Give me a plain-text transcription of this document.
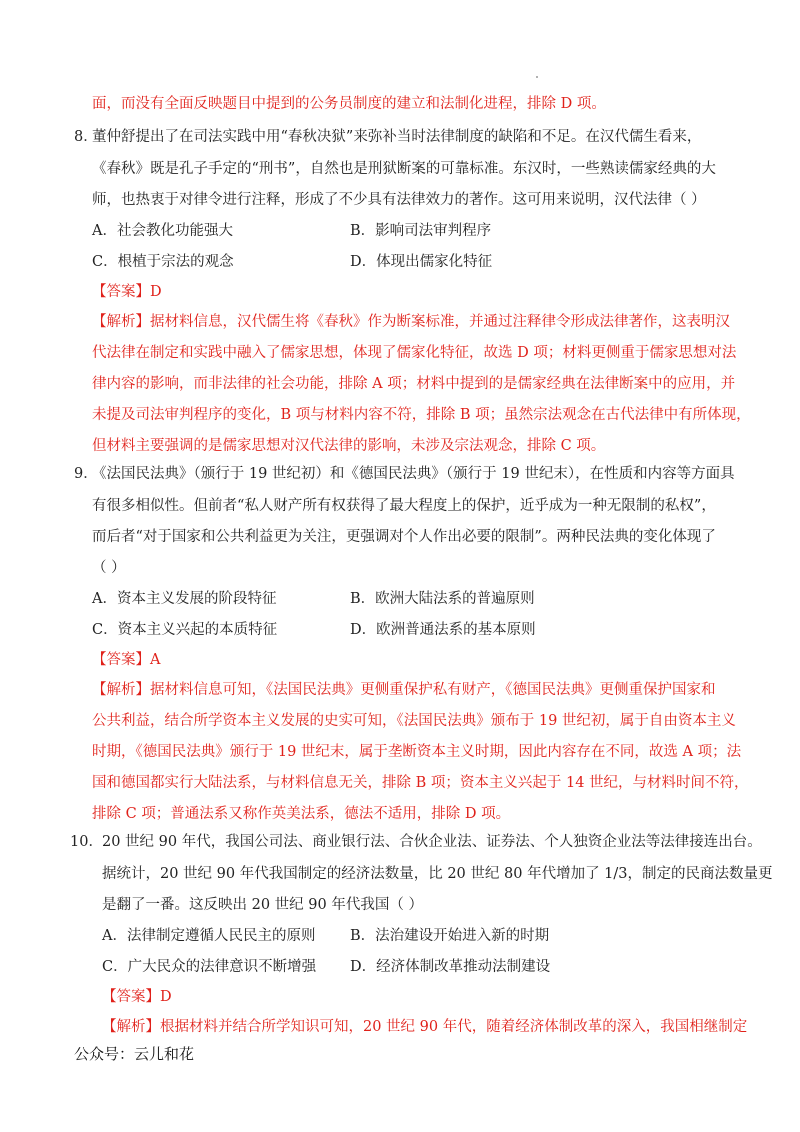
面，而没有全面反映题目中提到的公务员制度的建立和法制化进程，排除 D 项。
8．
董仲舒提出了在司法实践中用“春秋决狱”来弥补当时法律制度的缺陷和不足。在汉代儒生看来，
《春秋》既是孔子手定的“刑书”，自然也是刑狱断案的可靠标准。东汉时，一些熟读儒家经典的大
师，也热衷于对律令进行注释，形成了不少具有法律效力的著作。这可用来说明，汉代法律（ ）
A．社会教化功能强大	B．影响司法审判程序
C．根植于宗法的观念	D．体现出儒家化特征
【答案】D
【解析】据材料信息，汉代儒生将《春秋》作为断案标准，并通过注释律令形成法律著作，这表明汉
代法律在制定和实践中融入了儒家思想，体现了儒家化特征，故选 D 项；材料更侧重于儒家思想对法
律内容的影响，而非法律的社会功能，排除 A 项；材料中提到的是儒家经典在法律断案中的应用，并
未提及司法审判程序的变化，B 项与材料内容不符，排除 B 项；虽然宗法观念在古代法律中有所体现，
但材料主要强调的是儒家思想对汉代法律的影响，未涉及宗法观念，排除 C 项。
9．
《法国民法典》（颁行于 19 世纪初）和《德国民法典》（颁行于 19 世纪末），在性质和内容等方面具
有很多相似性。但前者“私人财产所有权获得了最大程度上的保护，近乎成为一种无限制的私权”，
而后者“对于国家和公共利益更为关注，更强调对个人作出必要的限制”。两种民法典的变化体现了
（ ）
A．资本主义发展的阶段特征	B．欧洲大陆法系的普遍原则
C．资本主义兴起的本质特征	D．欧洲普通法系的基本原则
【答案】A
【解析】据材料信息可知，《法国民法典》更侧重保护私有财产，《德国民法典》更侧重保护国家和
公共利益，结合所学资本主义发展的史实可知，《法国民法典》颁布于 19 世纪初，属于自由资本主义
时期，《德国民法典》颁行于 19 世纪末，属于垄断资本主义时期，因此内容存在不同，故选 A 项；法
国和德国都实行大陆法系，与材料信息无关，排除 B 项；资本主义兴起于 14 世纪，与材料时间不符，
排除 C 项；普通法系又称作英美法系，德法不适用，排除 D 项。
10． 20 世纪 90 年代，我国公司法、商业银行法、合伙企业法、证券法、个人独资企业法等法律接连出台。
据统计，20 世纪 90 年代我国制定的经济法数量，比 20 世纪 80 年代增加了 1/3，制定的民商法数量更
是翻了一番。这反映出 20 世纪 90 年代我国（ ）
A．法律制定遵循人民民主的原则 B．法治建设开始进入新的时期
C．广大民众的法律意识不断增强 D．经济体制改革推动法制建设
【答案】D
【解析】根据材料并结合所学知识可知，20 世纪 90 年代，随着经济体制改革的深入，我国相继制定
公众号：云儿和花
